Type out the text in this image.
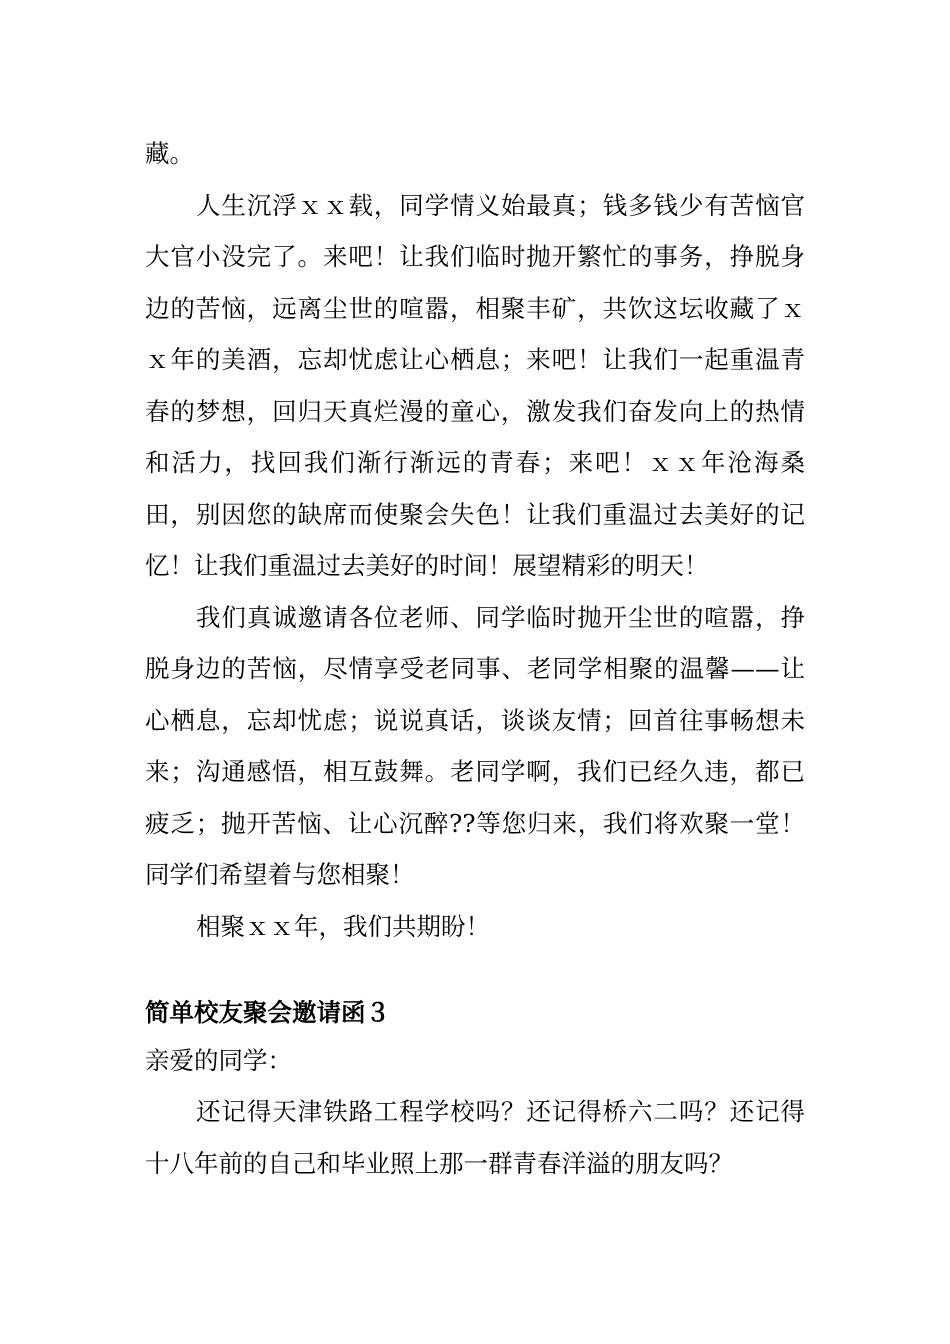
藏。

人生沉浮ｘｘ载，同学情义始最真；钱多钱少有苦恼官大官小没完了。来吧！让我们临时抛开繁忙的事务，挣脱身边的苦恼，远离尘世的喧嚣，相聚丰矿，共饮这坛收藏了ｘｘ年的美酒，忘却忧虑让心栖息；来吧！让我们一起重温青春的梦想，回归天真烂漫的童心，激发我们奋发向上的热情和活力，找回我们渐行渐远的青春；来吧！ｘｘ年沧海桑田，别因您的缺席而使聚会失色！让我们重温过去美好的记忆！让我们重温过去美好的时间！展望精彩的明天！

我们真诚邀请各位老师、同学临时抛开尘世的喧嚣，挣脱身边的苦恼，尽情享受老同事、老同学相聚的温馨——让心栖息，忘却忧虑；说说真话，谈谈友情；回首往事畅想未来；沟通感悟，相互鼓舞。老同学啊，我们已经久违，都已疲乏；抛开苦恼、让心沉醉??等您归来，我们将欢聚一堂！同学们希望着与您相聚！

相聚ｘｘ年，我们共期盼！

简单校友聚会邀请函３

亲爱的同学：

还记得天津铁路工程学校吗？还记得桥六二吗？还记得十八年前的自己和毕业照上那一群青春洋溢的朋友吗？
